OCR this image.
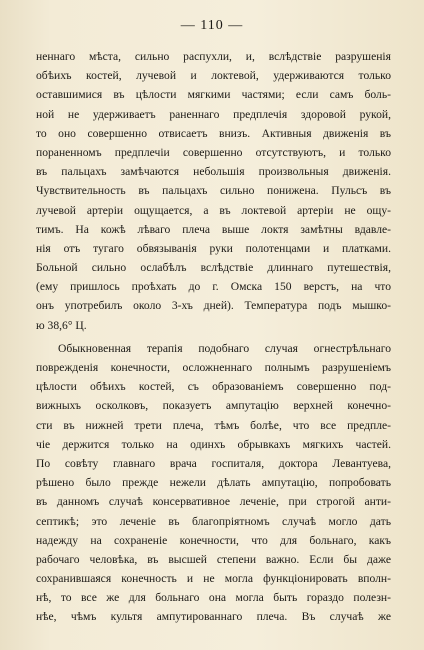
— 110 —
неннаго мѣста, сильно распухли, и, вслѣдствіе разрушенія
обѣихъ костей, лучевой и локтевой, удерживаются только
оставшимися въ цѣлости мягкими частями; если самъ боль-
ной не удерживаетъ раненнаго предплечія здоровой рукой,
то оно совершенно отвисаетъ внизъ. Активныя движенія въ
пораненномъ предплечіи совершенно отсутствуютъ, и только
въ пальцахъ замѣчаются небольшія произвольныя движенія.
Чувствительность въ пальцахъ сильно понижена. Пульсъ въ
лучевой артеріи ощущается, а въ локтевой артеріи не ощу-
тимъ. На кожѣ лѣваго плеча выше локтя замѣтны вдавле-
нія отъ тугаго обвязыванія руки полотенцами и платками.
Больной сильно ослабѣлъ вслѣдствіе длиннаго путешествія,
(ему пришлось проѣхать до г. Омска 150 верстъ, на что
онъ употребилъ около 3-хъ дней). Температура подъ мышко-
ю 38,6° Ц.
Обыкновенная терапія подобнаго случая огнестрѣльнаго
поврежденія конечности, осложненнаго полнымъ разрушеніемъ
цѣлости обѣихъ костей, съ образованіемъ совершенно под-
вижныхъ осколковъ, показуетъ ампутацію верхней конечно-
сти въ нижней трети плеча, тѣмъ болѣе, что все предпле-
чіе держится только на одинхъ обрывкахъ мягкихъ частей.
По совѣту главнаго врача госпиталя, доктора Левантуева,
рѣшено было прежде нежели дѣлать ампутацію, попробовать
въ данномъ случаѣ консервативное леченіе, при строгой анти-
септикѣ; это леченіе въ благопріятномъ случаѣ могло дать
надежду на сохраненіе конечности, что для больнаго, какъ
рабочаго человѣка, въ высшей степени важно. Если бы даже
сохранившаяся конечность и не могла функціонировать вполн-
нѣ, то все же для больнаго она могла быть гораздо полезн-
нѣе, чѣмъ культя ампутированнаго плеча. Въ случаѣ же
